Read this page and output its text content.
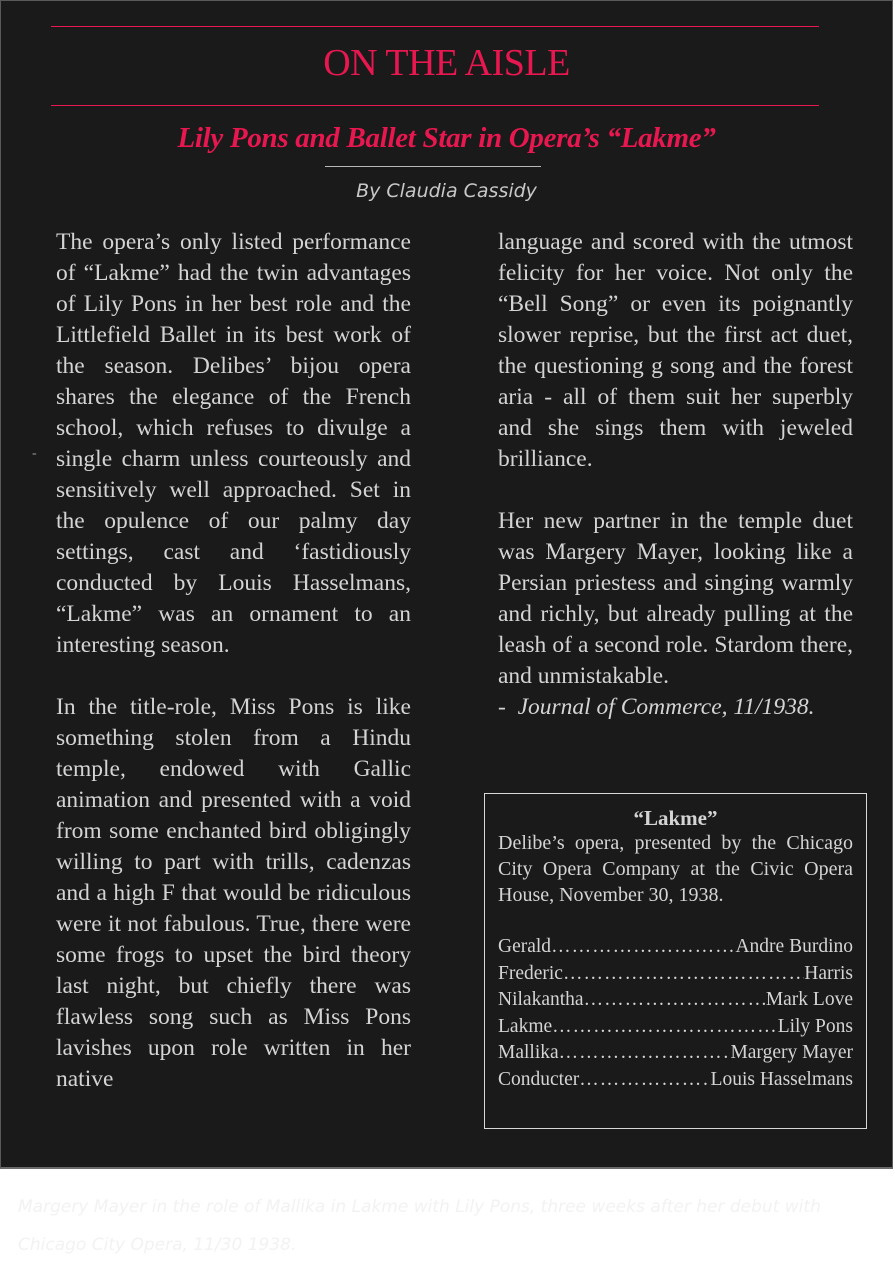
ON THE AISLE
Lily Pons and Ballet Star in Opera’s “Lakme”
By Claudia Cassidy
-

The opera’s only listed performance of “Lakme” had the twin advantages of Lily Pons in her best role and the Littlefield Ballet in its best work of the season. Delibes’ bijou opera shares the elegance of the French school, which refuses to divulge a single charm unless courteously and sensitively well approached. Set in the opulence of our palmy day settings, cast and ‘fastidiously conducted by Louis Hasselmans, “Lakme” was an ornament to an interesting season.

In the title-role, Miss Pons is like something stolen from a Hindu temple, endowed with Gallic animation and presented with a void from some enchanted bird obligingly willing to part with trills, cadenzas and a high F that would be ridiculous were it not fabulous. True, there were some frogs to upset the bird theory last night, but chiefly there was flawless song such as Miss Pons lavishes upon role written in her native

language and scored with the utmost felicity for her voice. Not only the “Bell Song” or even its poignantly slower reprise, but the first act duet, the questioning g song and the forest aria - all of them suit her superbly and she sings them with jeweled brilliance.

Her new partner in the temple duet was Margery Mayer, looking like a Persian priestess and singing warmly and richly, but already pulling at the leash of a second role. Stardom there, and unmistakable.

- Journal of Commerce, 11/1938.

“Lakme”

Delibe’s opera, presented by the Chicago City Opera Company at the Civic Opera House, November 30, 1938.

Gerald …………………………………………………………………………	Andre Burdino
Frederic …………………………………………………………………………	Harris
Nilakantha …………………………………………………………………………	Mark Love
Lakme …………………………………………………………………………	Lily Pons
Mallika …………………………………………………………………………	Margery Mayer
Conducter …………………………………………………………………………	Louis Hasselmans
Margery Mayer in the role of Mallika in Lakme with Lily Pons, three weeks after her debut with Chicago City Opera, 11/30 1938.
